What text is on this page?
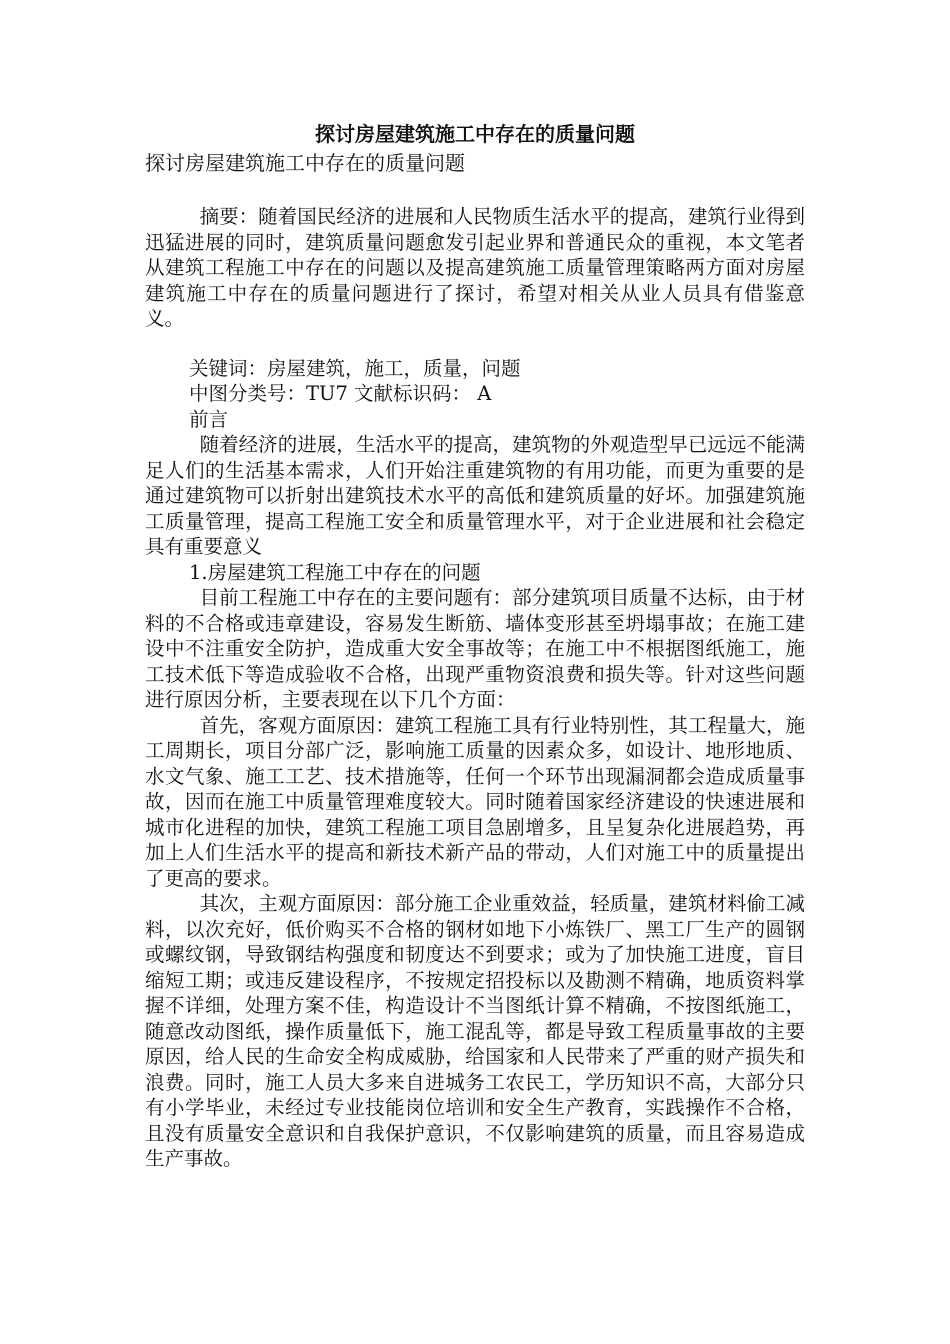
探讨房屋建筑施工中存在的质量问题

探讨房屋建筑施工中存在的质量问题

摘要：随着国民经济的进展和人民物质生活水平的提高，建筑行业得到迅猛进展的同时，建筑质量问题愈发引起业界和普通民众的重视，本文笔者从建筑工程施工中存在的问题以及提高建筑施工质量管理策略两方面对房屋建筑施工中存在的质量问题进行了探讨，希望对相关从业人员具有借鉴意义。

关键词：房屋建筑，施工，质量，问题

中图分类号：TU7 文献标识码： A

前言

随着经济的进展，生活水平的提高，建筑物的外观造型早已远远不能满足人们的生活基本需求，人们开始注重建筑物的有用功能，而更为重要的是通过建筑物可以折射出建筑技术水平的高低和建筑质量的好坏。加强建筑施工质量管理，提高工程施工安全和质量管理水平，对于企业进展和社会稳定具有重要意义

1.房屋建筑工程施工中存在的问题

目前工程施工中存在的主要问题有：部分建筑项目质量不达标，由于材料的不合格或违章建设，容易发生断筋、墙体变形甚至坍塌事故；在施工建设中不注重安全防护，造成重大安全事故等；在施工中不根据图纸施工，施工技术低下等造成验收不合格，出现严重物资浪费和损失等。针对这些问题进行原因分析，主要表现在以下几个方面：

首先，客观方面原因：建筑工程施工具有行业特别性，其工程量大，施工周期长，项目分部广泛，影响施工质量的因素众多，如设计、地形地质、水文气象、施工工艺、技术措施等，任何一个环节出现漏洞都会造成质量事故，因而在施工中质量管理难度较大。同时随着国家经济建设的快速进展和城市化进程的加快，建筑工程施工项目急剧增多，且呈复杂化进展趋势，再加上人们生活水平的提高和新技术新产品的带动，人们对施工中的质量提出了更高的要求。

其次，主观方面原因：部分施工企业重效益，轻质量，建筑材料偷工减料，以次充好，低价购买不合格的钢材如地下小炼铁厂、黑工厂生产的圆钢或螺纹钢，导致钢结构强度和韧度达不到要求；或为了加快施工进度，盲目缩短工期；或违反建设程序，不按规定招投标以及勘测不精确，地质资料掌握不详细，处理方案不佳，构造设计不当图纸计算不精确，不按图纸施工，随意改动图纸，操作质量低下，施工混乱等，都是导致工程质量事故的主要原因，给人民的生命安全构成威胁，给国家和人民带来了严重的财产损失和浪费。同时，施工人员大多来自进城务工农民工，学历知识不高，大部分只有小学毕业，未经过专业技能岗位培训和安全生产教育，实践操作不合格，且没有质量安全意识和自我保护意识，不仅影响建筑的质量，而且容易造成生产事故。
